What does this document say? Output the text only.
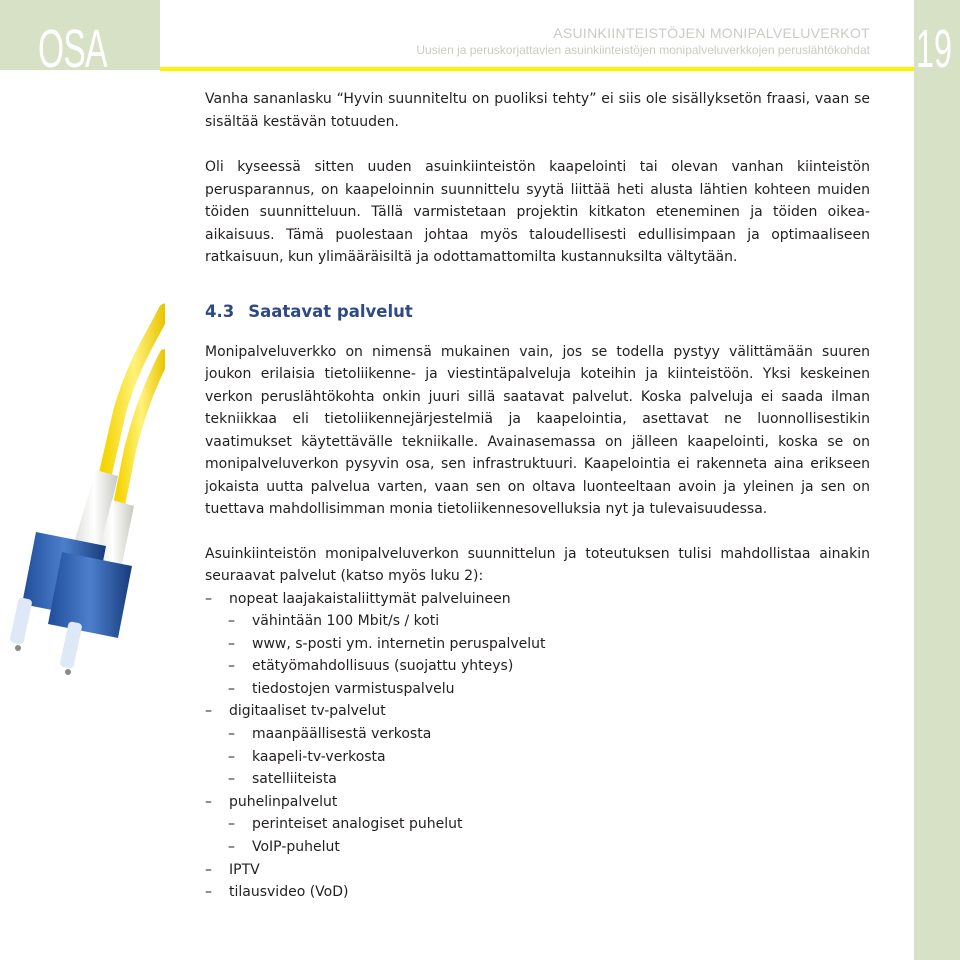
OSA 4
19
ASUINKIINTEISTÖJEN MONIPALVELUVERKOT
Uusien ja peruskorjattavien asuinkiinteistöjen monipalveluverkkojen peruslähtökohdat

Vanha sananlasku “Hyvin suunniteltu on puoliksi tehty” ei siis ole sisällyksetön fraasi, vaan se sisältää kestävän totuuden.

Oli kyseessä sitten uuden asuinkiinteistön kaapelointi tai olevan vanhan kiinteistön perusparannus, on kaapeloinnin suunnittelu syytä liittää heti alusta lähtien kohteen muiden töiden suunnitteluun. Tällä varmistetaan projektin kitkaton eteneminen ja töiden oikea-aikaisuus. Tämä puolestaan johtaa myös taloudellisesti edullisimpaan ja optimaaliseen ratkaisuun, kun ylimääräisiltä ja odottamattomilta kustannuksilta vältytään.

4.3 Saatavat palvelut

Monipalveluverkko on nimensä mukainen vain, jos se todella pystyy välittämään suuren joukon erilaisia tietoliikenne- ja viestintäpalveluja koteihin ja kiinteistöön. Yksi keskeinen verkon peruslähtökohta onkin juuri sillä saatavat palvelut. Koska palveluja ei saada ilman tekniikkaa eli tietoliikennejärjestelmiä ja kaapelointia, asettavat ne luonnollisestikin vaatimukset käytettävälle tekniikalle. Avainasemassa on jälleen kaapelointi, koska se on monipalveluverkon pysyvin osa, sen infrastruktuuri. Kaapelointia ei rakenneta aina erikseen jokaista uutta palvelua varten, vaan sen on oltava luonteeltaan avoin ja yleinen ja sen on tuettava mahdollisimman monia tietoliikennesovelluksia nyt ja tulevaisuudessa.

Asuinkiinteistön monipalveluverkon suunnittelun ja toteutuksen tulisi mahdollistaa ainakin seuraavat palvelut (katso myös luku 2):

– nopeat laajakaistaliittymät palveluineen
– vähintään 100 Mbit/s / koti
– www, s-posti ym. internetin peruspalvelut
– etätyömahdollisuus (suojattu yhteys)
– tiedostojen varmistuspalvelu
– digitaaliset tv-palvelut
– maanpäällisestä verkosta
– kaapeli-tv-verkosta
– satelliiteista
– puhelinpalvelut
– perinteiset analogiset puhelut
– VoIP-puhelut
– IPTV
– tilausvideo (VoD)
